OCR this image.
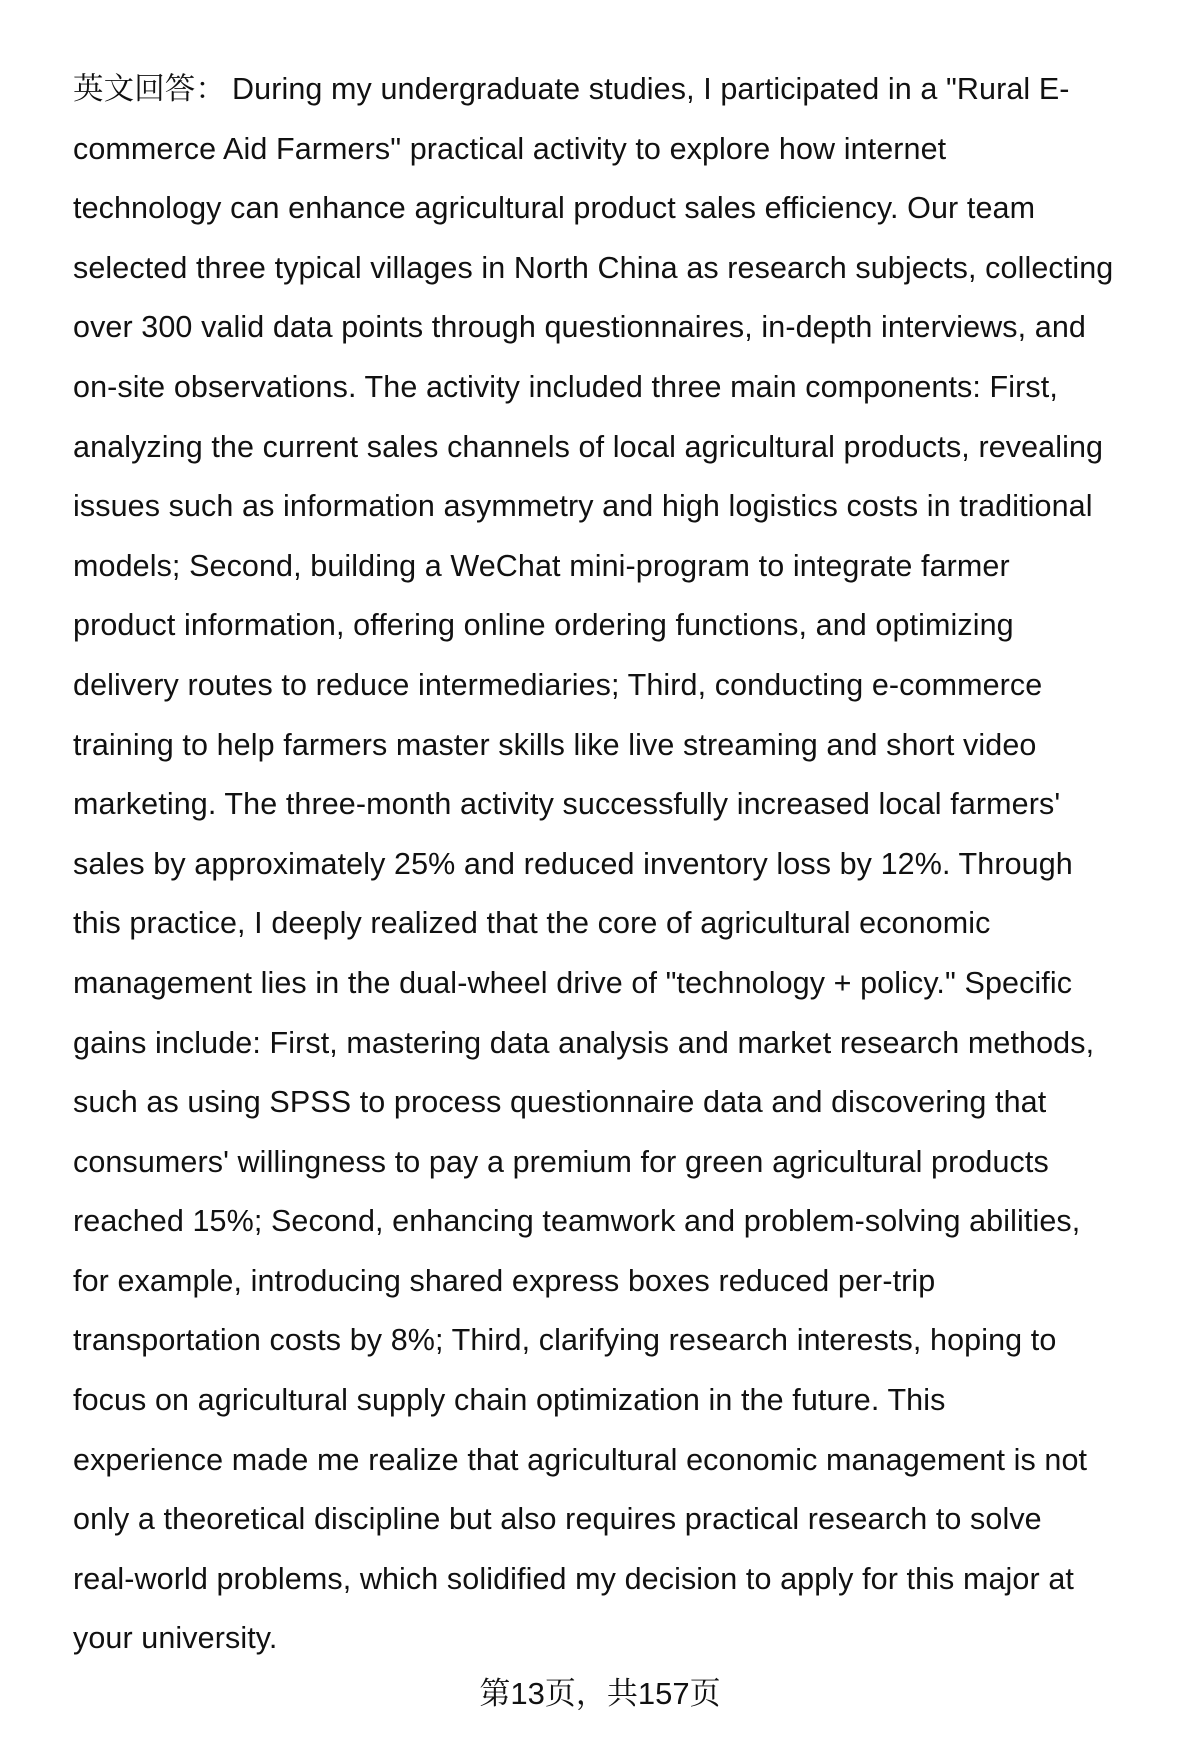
英文回答： During my undergraduate studies, I participated in a "Rural E-
commerce Aid Farmers" practical activity to explore how internet
technology can enhance agricultural product sales efficiency. Our team
selected three typical villages in North China as research subjects, collecting
over 300 valid data points through questionnaires, in-depth interviews, and
on-site observations. The activity included three main components: First,
analyzing the current sales channels of local agricultural products, revealing
issues such as information asymmetry and high logistics costs in traditional
models; Second, building a WeChat mini-program to integrate farmer
product information, offering online ordering functions, and optimizing
delivery routes to reduce intermediaries; Third, conducting e-commerce
training to help farmers master skills like live streaming and short video
marketing. The three-month activity successfully increased local farmers'
sales by approximately 25% and reduced inventory loss by 12%. Through
this practice, I deeply realized that the core of agricultural economic
management lies in the dual-wheel drive of "technology + policy." Specific
gains include: First, mastering data analysis and market research methods,
such as using SPSS to process questionnaire data and discovering that
consumers' willingness to pay a premium for green agricultural products
reached 15%; Second, enhancing teamwork and problem-solving abilities,
for example, introducing shared express boxes reduced per-trip
transportation costs by 8%; Third, clarifying research interests, hoping to
focus on agricultural supply chain optimization in the future. This
experience made me realize that agricultural economic management is not
only a theoretical discipline but also requires practical research to solve
real-world problems, which solidified my decision to apply for this major at
your university.
第13页，共157页
